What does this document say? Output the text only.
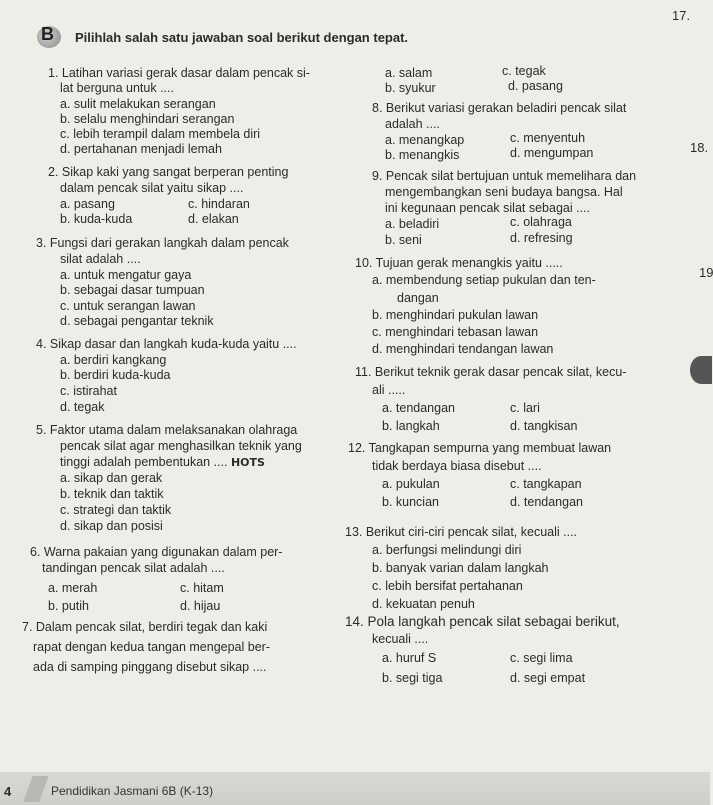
17.
18.
19
B Pilihlah salah satu jawaban soal berikut dengan tepat.
1. Latihan variasi gerak dasar dalam pencak si-
lat berguna untuk ....
a. sulit melakukan serangan
b. selalu menghindari serangan
c. lebih terampil dalam membela diri
d. pertahanan menjadi lemah
2. Sikap kaki yang sangat berperan penting
dalam pencak silat yaitu sikap ....
a. pasang	c. hindaran
b. kuda-kuda	d. elakan
3. Fungsi dari gerakan langkah dalam pencak
silat adalah ....
a. untuk mengatur gaya
b. sebagai dasar tumpuan
c. untuk serangan lawan
d. sebagai pengantar teknik
4. Sikap dasar dan langkah kuda-kuda yaitu ....
a. berdiri kangkang
b. berdiri kuda-kuda
c. istirahat
d. tegak
5. Faktor utama dalam melaksanakan olahraga
pencak silat agar menghasilkan teknik yang
tinggi adalah pembentukan .... HOTS
a. sikap dan gerak
b. teknik dan taktik
c. strategi dan taktik
d. sikap dan posisi
6. Warna pakaian yang digunakan dalam per-
tandingan pencak silat adalah ....
a. merah	c. hitam
b. putih	d. hijau
7. Dalam pencak silat, berdiri tegak dan kaki
rapat dengan kedua tangan mengepal ber-
ada di samping pinggang disebut sikap ....
a. salam	c. tegak
b. syukur	d. pasang
8. Berikut variasi gerakan beladiri pencak silat
adalah ....
a. menangkap	c. menyentuh
b. menangkis	d. mengumpan
9. Pencak silat bertujuan untuk memelihara dan
mengembangkan seni budaya bangsa. Hal
ini kegunaan pencak silat sebagai ....
a. beladiri	c. olahraga
b. seni	d. refresing
10. Tujuan gerak menangkis yaitu .....
a. membendung setiap pukulan dan ten-
dangan
b. menghindari pukulan lawan
c. menghindari tebasan lawan
d. menghindari tendangan lawan
11. Berikut teknik gerak dasar pencak silat, kecu-
ali .....
a. tendangan	c. lari
b. langkah	d. tangkisan
12. Tangkapan sempurna yang membuat lawan
tidak berdaya biasa disebut ....
a. pukulan	c. tangkapan
b. kuncian	d. tendangan
13. Berikut ciri-ciri pencak silat, kecuali ....
a. berfungsi melindungi diri
b. banyak varian dalam langkah
c. lebih bersifat pertahanan
d. kekuatan penuh
14. Pola langkah pencak silat sebagai berikut,
kecuali ....
a. huruf S	c. segi lima
b. segi tiga	d. segi empat
4	Pendidikan Jasmani 6B (K-13)
